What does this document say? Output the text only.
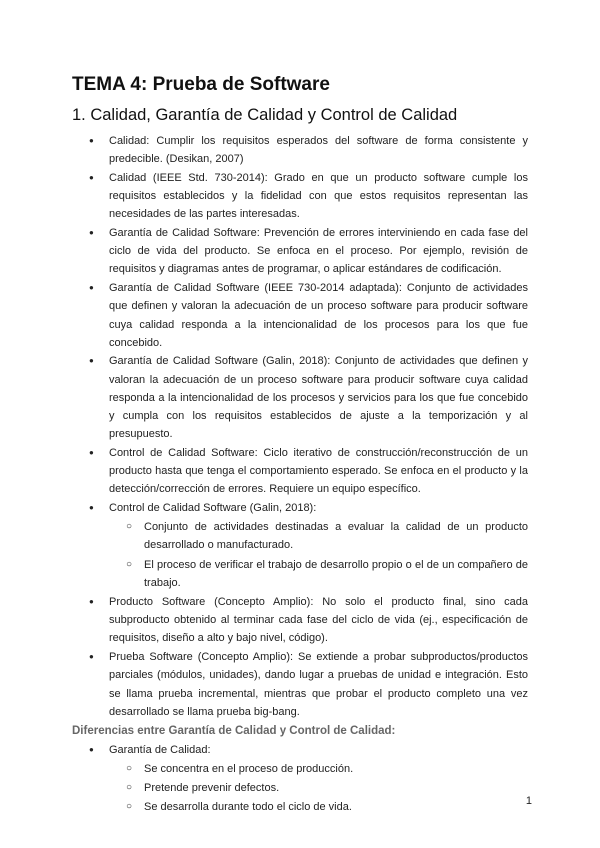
TEMA 4: Prueba de Software
1. Calidad, Garantía de Calidad y Control de Calidad
● Calidad: Cumplir los requisitos esperados del software de forma consistente y predecible. (Desikan, 2007)
● Calidad (IEEE Std. 730-2014): Grado en que un producto software cumple los requisitos establecidos y la fidelidad con que estos requisitos representan las necesidades de las partes interesadas.
● Garantía de Calidad Software: Prevención de errores interviniendo en cada fase del ciclo de vida del producto. Se enfoca en el proceso. Por ejemplo, revisión de requisitos y diagramas antes de programar, o aplicar estándares de codificación.
● Garantía de Calidad Software (IEEE 730-2014 adaptada): Conjunto de actividades que definen y valoran la adecuación de un proceso software para producir software cuya calidad responda a la intencionalidad de los procesos para los que fue concebido.
● Garantía de Calidad Software (Galin, 2018): Conjunto de actividades que definen y valoran la adecuación de un proceso software para producir software cuya calidad responda a la intencionalidad de los procesos y servicios para los que fue concebido y cumpla con los requisitos establecidos de ajuste a la temporización y al presupuesto.
● Control de Calidad Software: Ciclo iterativo de construcción/reconstrucción de un producto hasta que tenga el comportamiento esperado. Se enfoca en el producto y la detección/corrección de errores. Requiere un equipo específico.
● Control de Calidad Software (Galin, 2018):
○ Conjunto de actividades destinadas a evaluar la calidad de un producto desarrollado o manufacturado.
○ El proceso de verificar el trabajo de desarrollo propio o el de un compañero de trabajo.
● Producto Software (Concepto Amplio): No solo el producto final, sino cada subproducto obtenido al terminar cada fase del ciclo de vida (ej., especificación de requisitos, diseño a alto y bajo nivel, código).
● Prueba Software (Concepto Amplio): Se extiende a probar subproductos/productos parciales (módulos, unidades), dando lugar a pruebas de unidad e integración. Esto se llama prueba incremental, mientras que probar el producto completo una vez desarrollado se llama prueba big-bang.
Diferencias entre Garantía de Calidad y Control de Calidad:
● Garantía de Calidad:
○ Se concentra en el proceso de producción.
○ Pretende prevenir defectos.
○ Se desarrolla durante todo el ciclo de vida.
1
